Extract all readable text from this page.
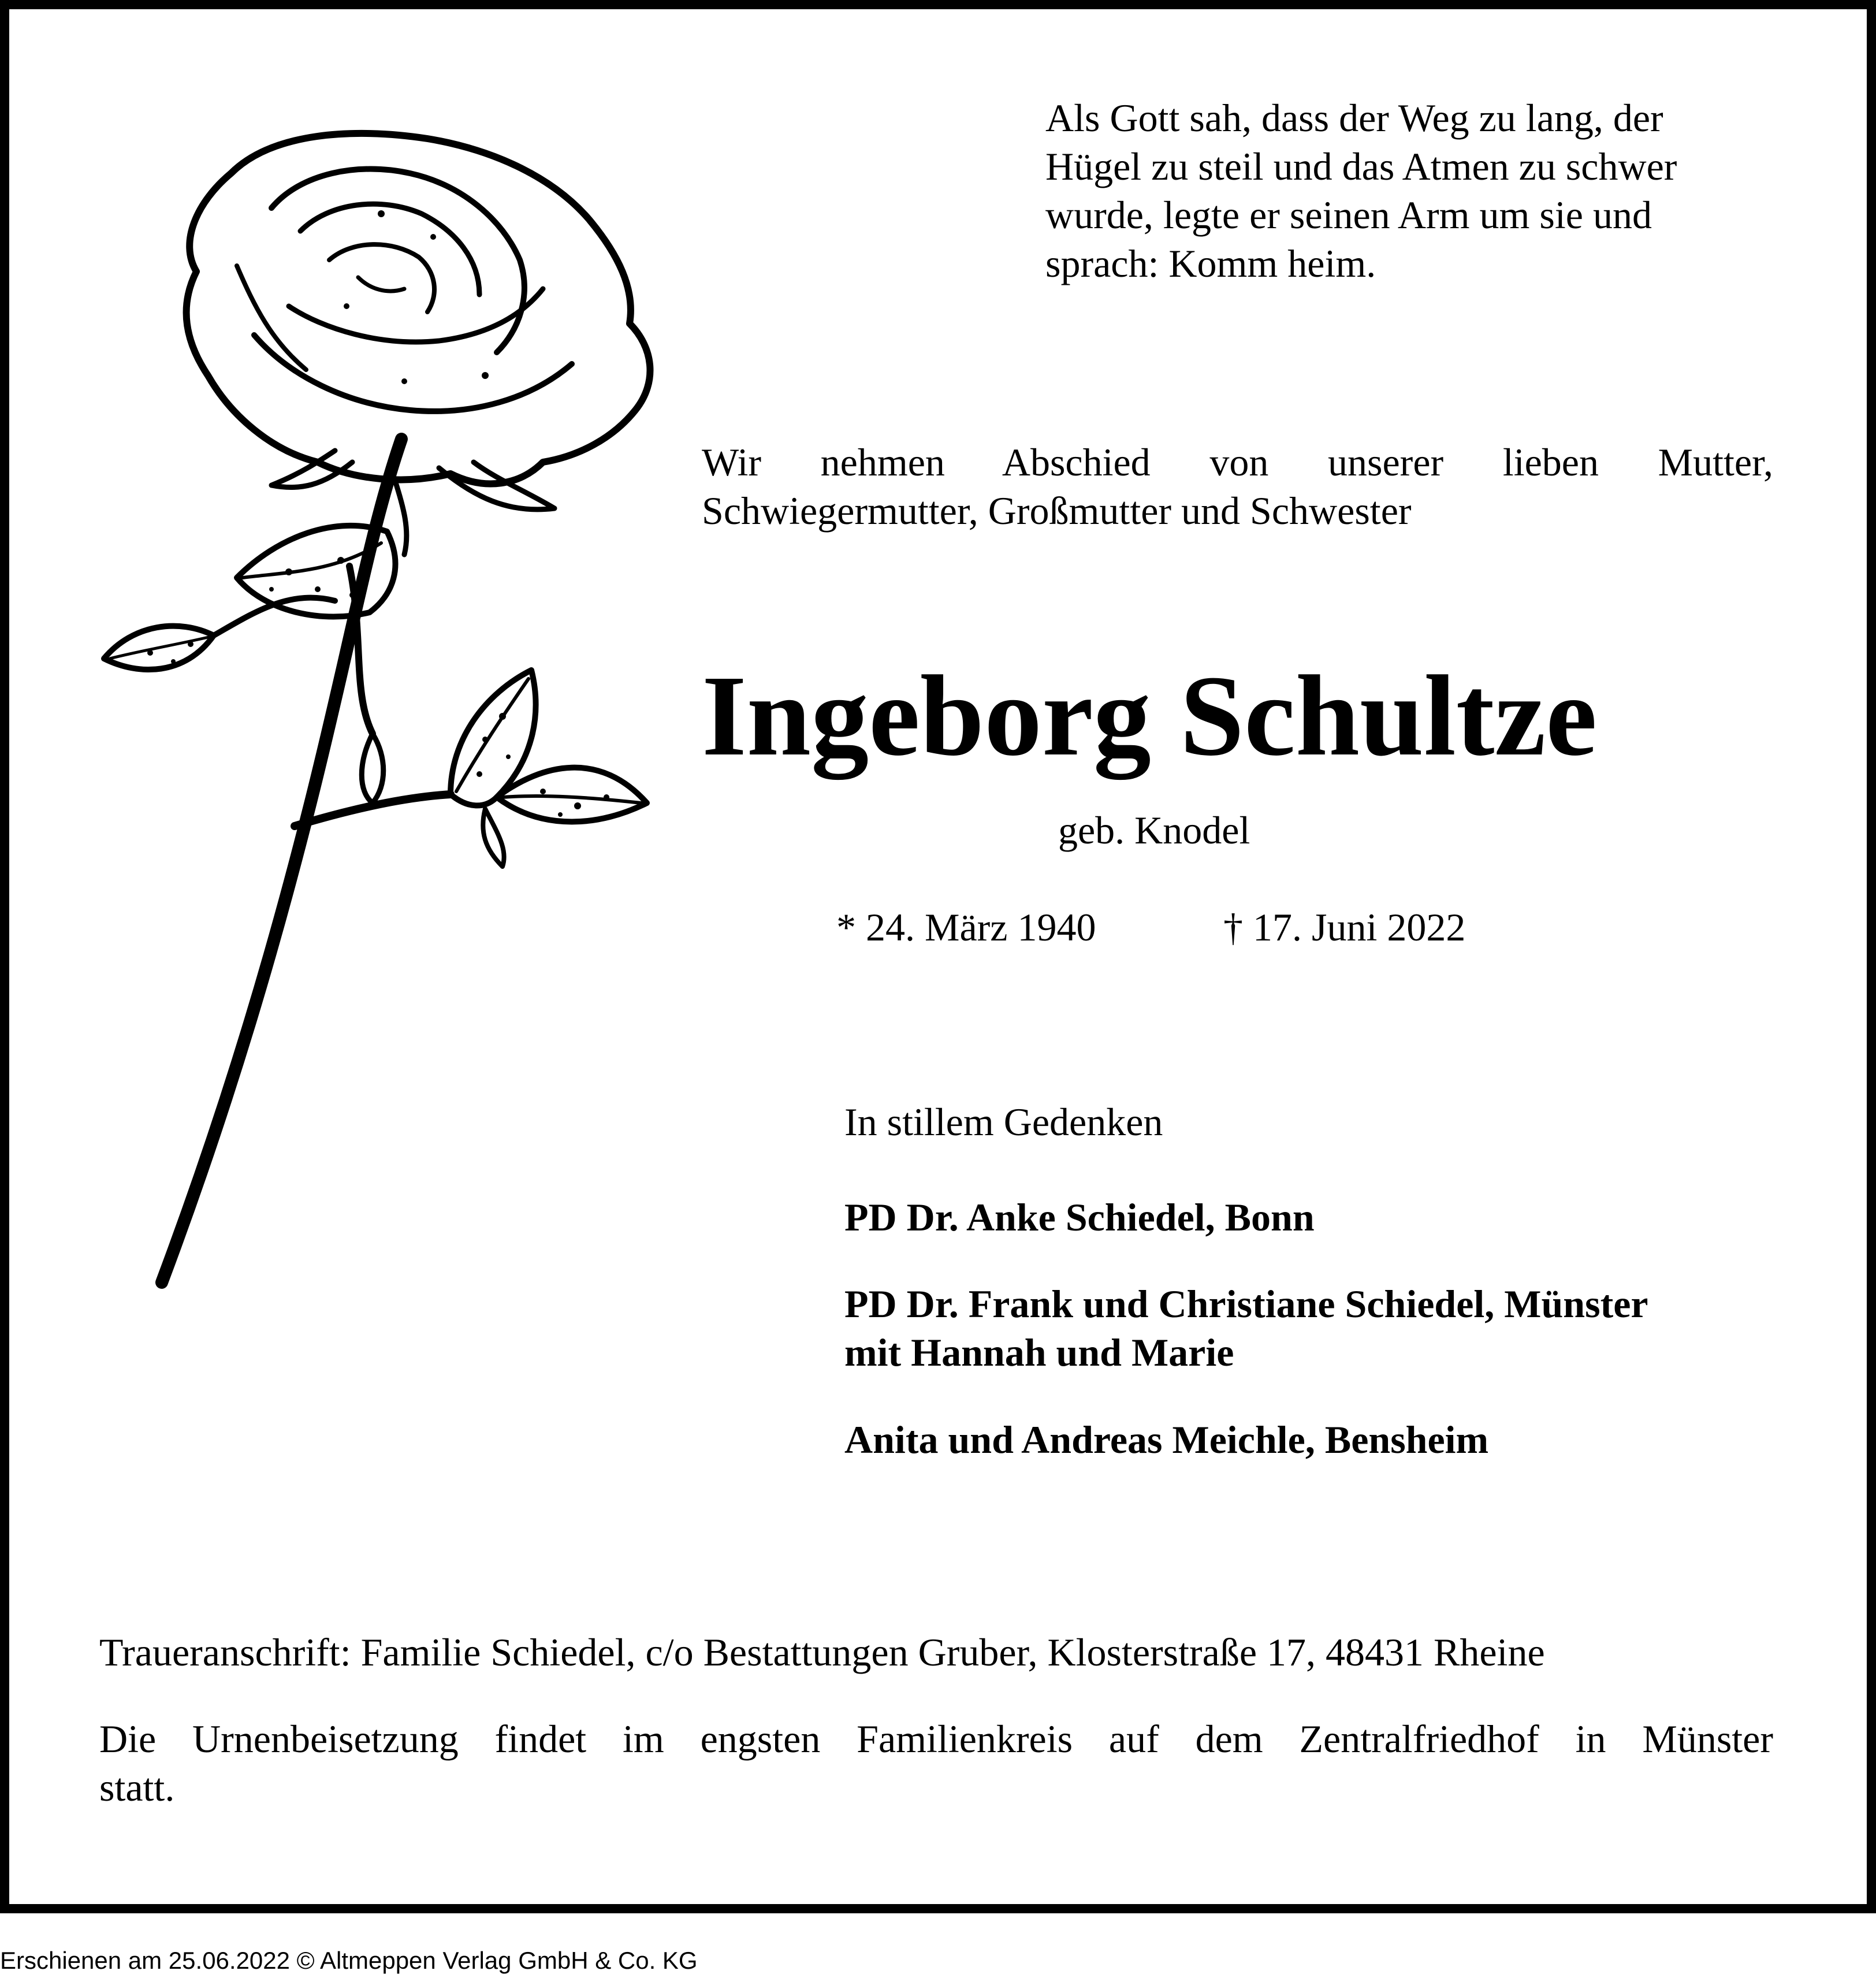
Als Gott sah, dass der Weg zu lang, der
Hügel zu steil und das Atmen zu schwer
wurde, legte er seinen Arm um sie und
sprach: Komm heim.
Wir nehmen Abschied von unserer lieben Mutter,
Schwiegermutter, Großmutter und Schwester
Ingeborg Schultze
geb. Knodel
* 24. März 1940	† 17. Juni 2022
In stillem Gedenken
PD Dr. Anke Schiedel, Bonn
PD Dr. Frank und Christiane Schiedel, Münster
mit Hannah und Marie
Anita und Andreas Meichle, Bensheim
Traueranschrift: Familie Schiedel, c/o Bestattungen Gruber, Klosterstraße 17, 48431 Rheine
Die Urnenbeisetzung findet im engsten Familienkreis auf dem Zentralfriedhof in Münster
statt.
Erschienen am 25.06.2022 © Altmeppen Verlag GmbH & Co. KG
